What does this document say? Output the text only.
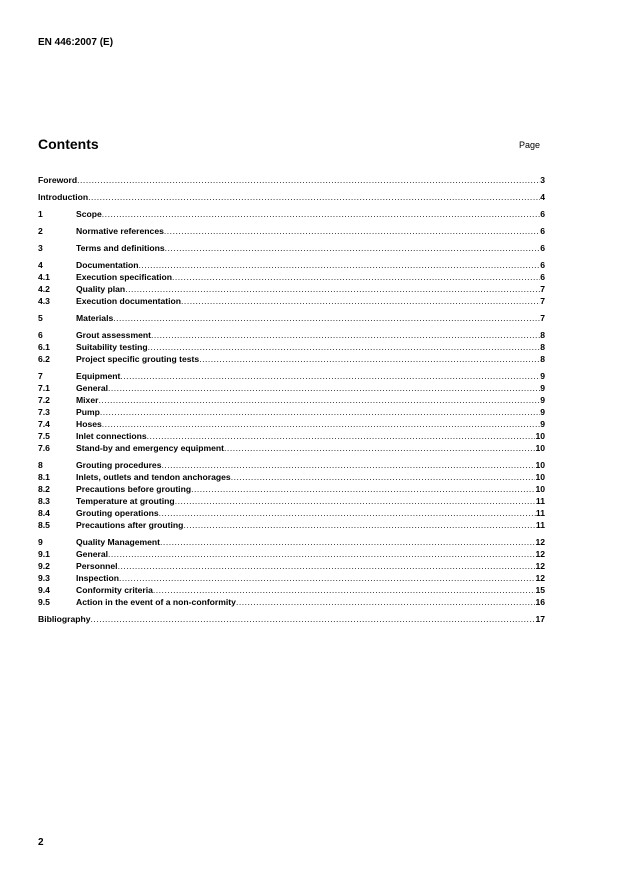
EN 446:2007 (E)
Contents	Page
Foreword .....	3
Introduction .....	4
1	Scope .....	6
2	Normative references .....	6
3	Terms and definitions .....	6
4	Documentation .....	6
4.1	Execution specification .....	6
4.2	Quality plan .....	7
4.3	Execution documentation .....	7
5	Materials .....	7
6	Grout assessment .....	8
6.1	Suitability testing .....	8
6.2	Project specific grouting tests .....	8
7	Equipment .....	9
7.1	General .....	9
7.2	Mixer .....	9
7.3	Pump .....	9
7.4	Hoses .....	9
7.5	Inlet connections .....	10
7.6	Stand-by and emergency equipment .....	10
8	Grouting procedures .....	10
8.1	Inlets, outlets and tendon anchorages .....	10
8.2	Precautions before grouting .....	10
8.3	Temperature at grouting .....	11
8.4	Grouting operations .....	11
8.5	Precautions after grouting .....	11
9	Quality Management .....	12
9.1	General .....	12
9.2	Personnel .....	12
9.3	Inspection .....	12
9.4	Conformity criteria .....	15
9.5	Action in the event of a non-conformity .....	16
Bibliography .....	17
2
